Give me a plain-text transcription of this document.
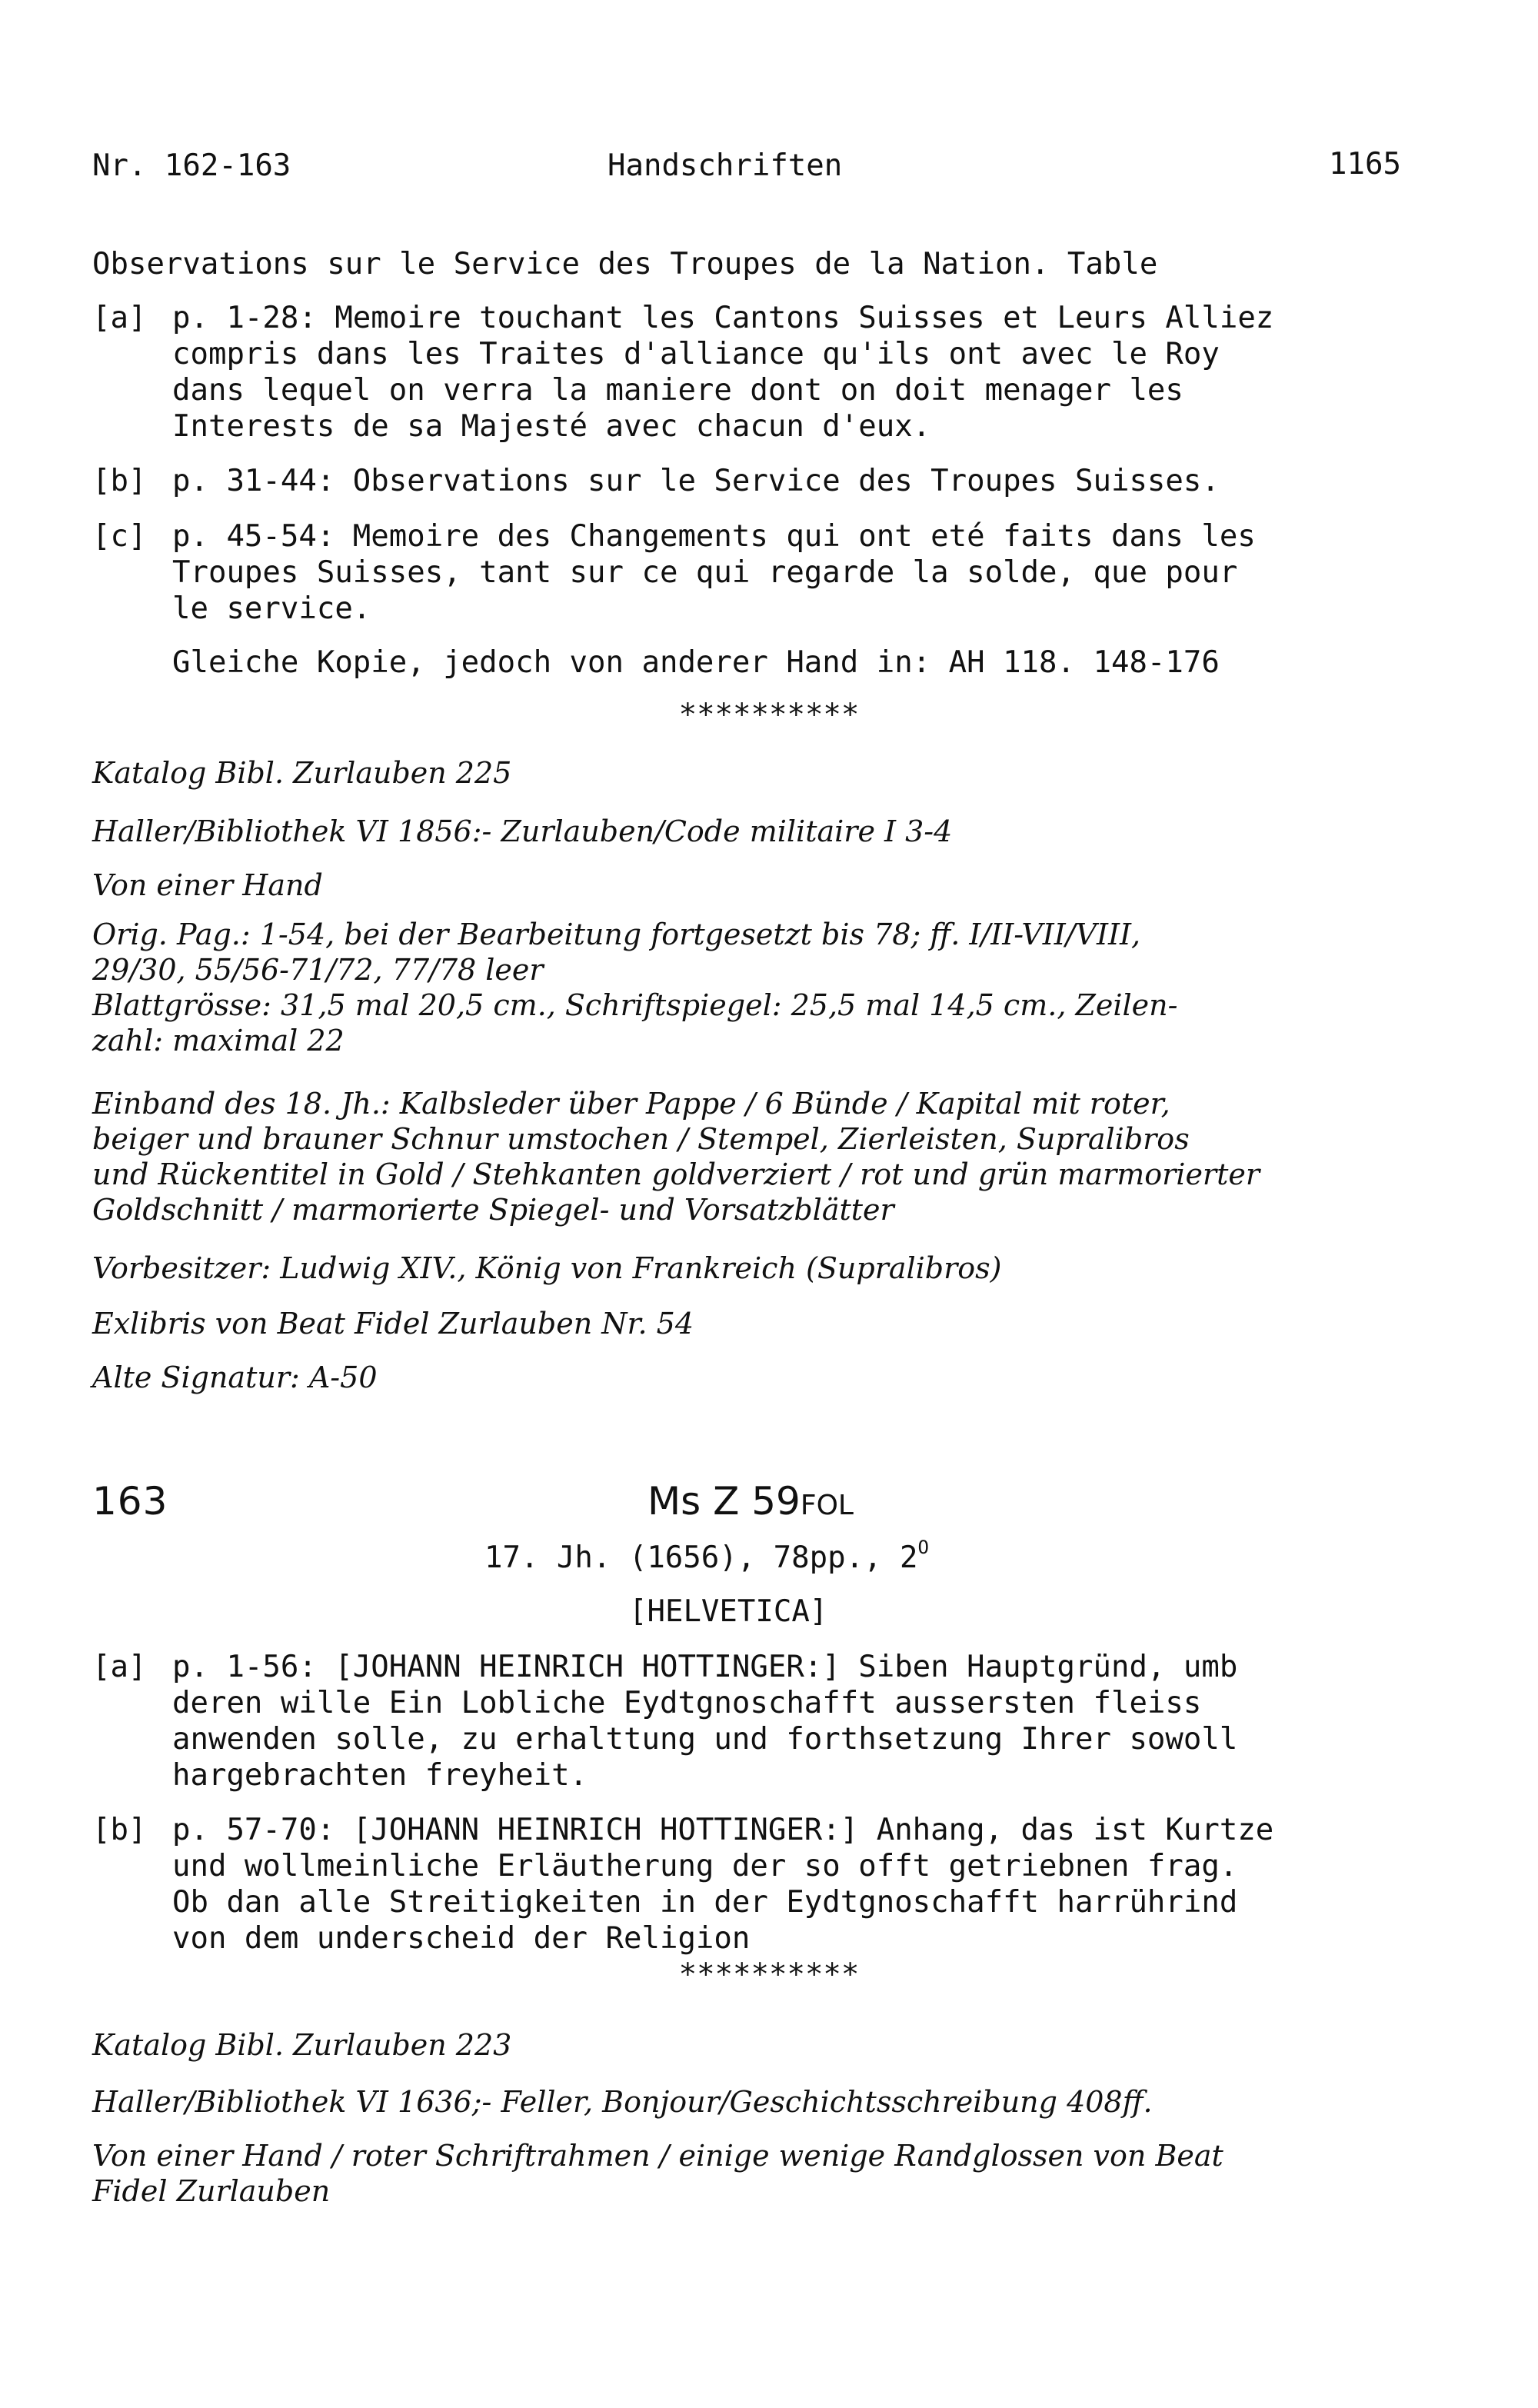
Nr. 162-163	Handschriften	1165
Observations sur le Service des Troupes de la Nation. Table
[a] p. 1-28: Memoire touchant les Cantons Suisses et Leurs Alliez
compris dans les Traites d'alliance qu'ils ont avec le Roy
dans lequel on verra la maniere dont on doit menager les
Interests de sa Majesté avec chacun d'eux.
[b] p. 31-44: Observations sur le Service des Troupes Suisses.
[c] p. 45-54: Memoire des Changements qui ont eté faits dans les
Troupes Suisses, tant sur ce qui regarde la solde, que pour
le service.
Gleiche Kopie, jedoch von anderer Hand in: AH 118. 148-176
**********
Katalog Bibl. Zurlauben 225
Haller/Bibliothek VI 1856:- Zurlauben/Code militaire I 3-4
Von einer Hand
Orig. Pag.: 1-54, bei der Bearbeitung fortgesetzt bis 78; ff. I/II-VII/VIII,
29/30, 55/56-71/72, 77/78 leer
Blattgrösse: 31,5 mal 20,5 cm., Schriftspiegel: 25,5 mal 14,5 cm., Zeilen-
zahl: maximal 22
Einband des 18. Jh.: Kalbsleder über Pappe / 6 Bünde / Kapital mit roter,
beiger und brauner Schnur umstochen / Stempel, Zierleisten, Supralibros
und Rückentitel in Gold / Stehkanten goldverziert / rot und grün marmorierter
Goldschnitt / marmorierte Spiegel- und Vorsatzblätter
Vorbesitzer: Ludwig XIV., König von Frankreich (Supralibros)
Exlibris von Beat Fidel Zurlauben Nr. 54
Alte Signatur: A-50
163	Ms Z 59FOL
17. Jh. (1656), 78pp., $2^O$
[HELVETICA]
[a] p. 1-56: [JOHANN HEINRICH HOTTINGER:] Siben Hauptgründ, umb
deren wille Ein Lobliche Eydtgnoschafft aussersten fleiss
anwenden solle, zu erhalttung und forthsetzung Ihrer sowoll
hargebrachten freyheit.
[b] p. 57-70: [JOHANN HEINRICH HOTTINGER:] Anhang, das ist Kurtze
und wollmeinliche Erläutherung der so offt getriebnen frag.
Ob dan alle Streitigkeiten in der Eydtgnoschafft harrührind
von dem underscheid der Religion
**********
Katalog Bibl. Zurlauben 223
Haller/Bibliothek VI 1636;- Feller, Bonjour/Geschichtsschreibung 408ff.
Von einer Hand / roter Schriftrahmen / einige wenige Randglossen von Beat
Fidel Zurlauben
